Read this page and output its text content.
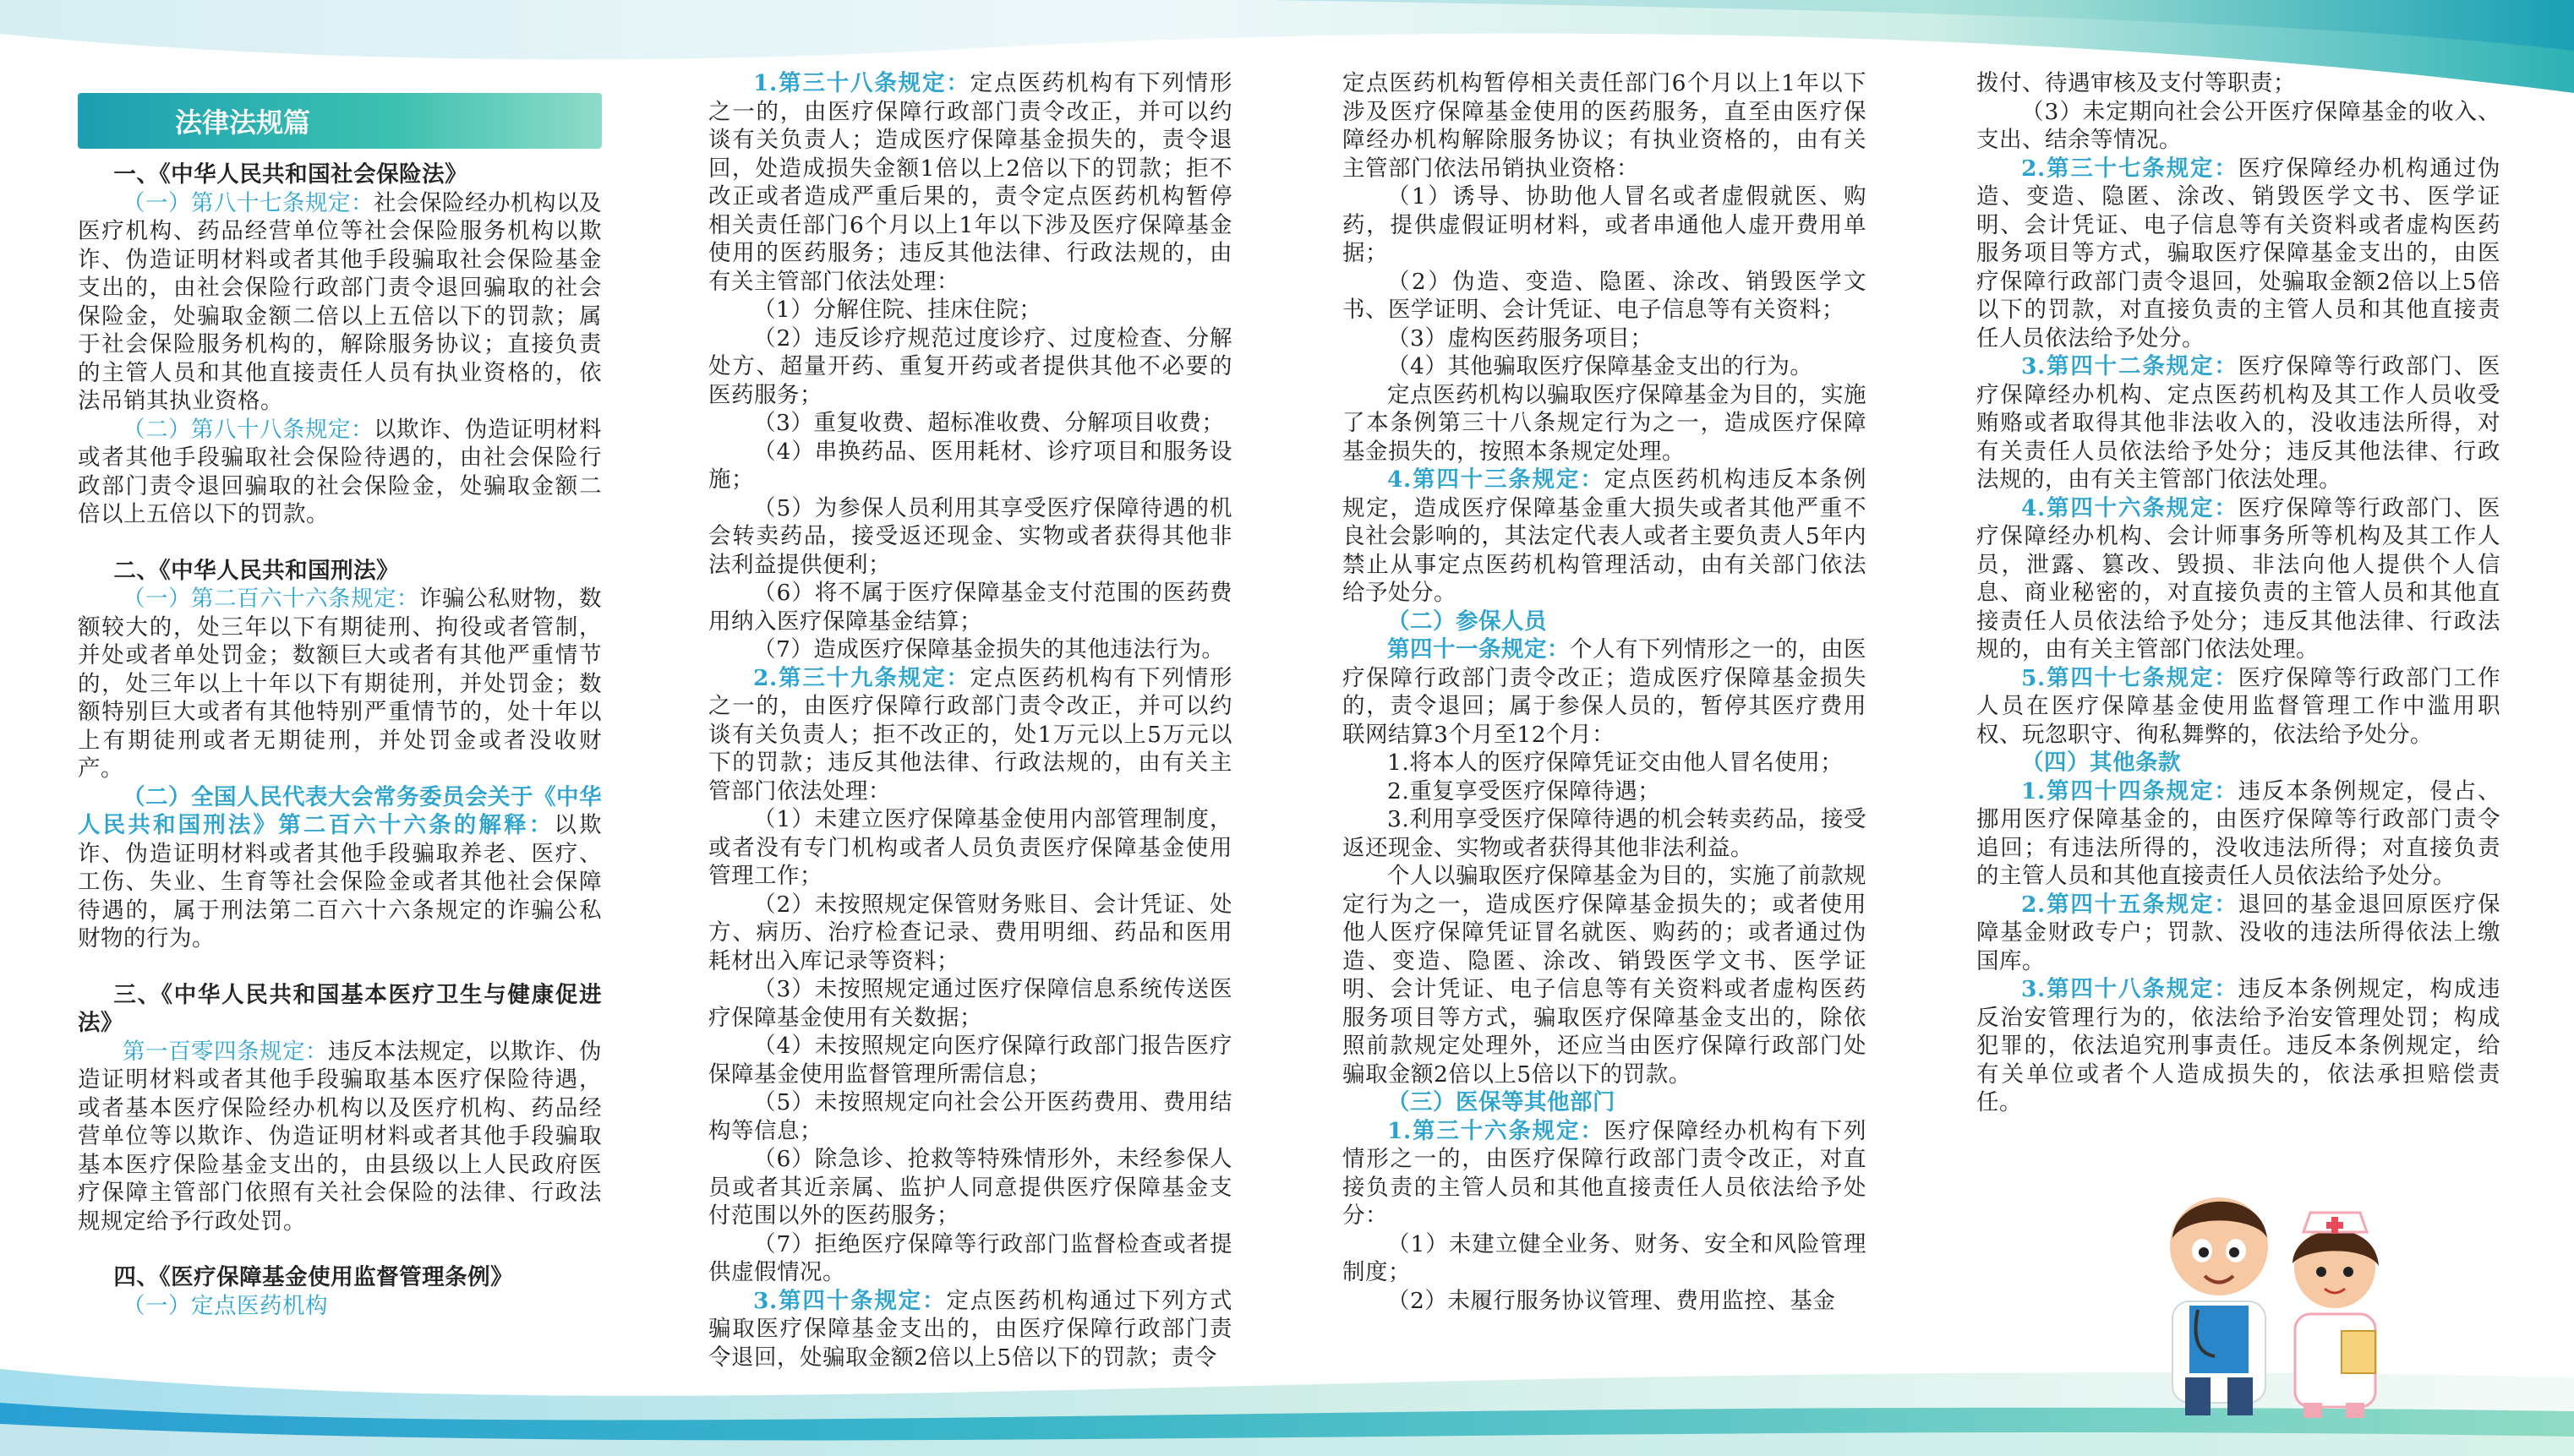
法律法规篇

一、《中华人民共和国社会保险法》

（一）第八十七条规定：社会保险经办机构以及医疗机构、药品经营单位等社会保险服务机构以欺诈、伪造证明材料或者其他手段骗取社会保险基金支出的，由社会保险行政部门责令退回骗取的社会保险金，处骗取金额二倍以上五倍以下的罚款；属于社会保险服务机构的，解除服务协议；直接负责的主管人员和其他直接责任人员有执业资格的，依法吊销其执业资格。

（二）第八十八条规定：以欺诈、伪造证明材料或者其他手段骗取社会保险待遇的，由社会保险行政部门责令退回骗取的社会保险金，处骗取金额二倍以上五倍以下的罚款。

二、《中华人民共和国刑法》

（一）第二百六十六条规定：诈骗公私财物，数额较大的，处三年以下有期徒刑、拘役或者管制，并处或者单处罚金；数额巨大或者有其他严重情节的，处三年以上十年以下有期徒刑，并处罚金；数额特别巨大或者有其他特别严重情节的，处十年以上有期徒刑或者无期徒刑，并处罚金或者没收财产。

（二）全国人民代表大会常务委员会关于《中华人民共和国刑法》第二百六十六条的解释：以欺诈、伪造证明材料或者其他手段骗取养老、医疗、工伤、失业、生育等社会保险金或者其他社会保障待遇的，属于刑法第二百六十六条规定的诈骗公私财物的行为。

三、《中华人民共和国基本医疗卫生与健康促进法》

第一百零四条规定：违反本法规定，以欺诈、伪造证明材料或者其他手段骗取基本医疗保险待遇，或者基本医疗保险经办机构以及医疗机构、药品经营单位等以欺诈、伪造证明材料或者其他手段骗取基本医疗保险基金支出的，由县级以上人民政府医疗保障主管部门依照有关社会保险的法律、行政法规规定给予行政处罚。

四、《医疗保障基金使用监督管理条例》

（一）定点医药机构

1.第三十八条规定：定点医药机构有下列情形之一的，由医疗保障行政部门责令改正，并可以约谈有关负责人；造成医疗保障基金损失的，责令退回，处造成损失金额1倍以上2倍以下的罚款；拒不改正或者造成严重后果的，责令定点医药机构暂停相关责任部门6个月以上1年以下涉及医疗保障基金使用的医药服务；违反其他法律、行政法规的，由有关主管部门依法处理：

（1）分解住院、挂床住院；

（2）违反诊疗规范过度诊疗、过度检查、分解处方、超量开药、重复开药或者提供其他不必要的医药服务；

（3）重复收费、超标准收费、分解项目收费；

（4）串换药品、医用耗材、诊疗项目和服务设施；

（5）为参保人员利用其享受医疗保障待遇的机会转卖药品，接受返还现金、实物或者获得其他非法利益提供便利；

（6）将不属于医疗保障基金支付范围的医药费用纳入医疗保障基金结算；

（7）造成医疗保障基金损失的其他违法行为。

2.第三十九条规定：定点医药机构有下列情形之一的，由医疗保障行政部门责令改正，并可以约谈有关负责人；拒不改正的，处1万元以上5万元以下的罚款；违反其他法律、行政法规的，由有关主管部门依法处理：

（1）未建立医疗保障基金使用内部管理制度，或者没有专门机构或者人员负责医疗保障基金使用管理工作；

（2）未按照规定保管财务账目、会计凭证、处方、病历、治疗检查记录、费用明细、药品和医用耗材出入库记录等资料；

（3）未按照规定通过医疗保障信息系统传送医疗保障基金使用有关数据；

（4）未按照规定向医疗保障行政部门报告医疗保障基金使用监督管理所需信息；

（5）未按照规定向社会公开医药费用、费用结构等信息；

（6）除急诊、抢救等特殊情形外，未经参保人员或者其近亲属、监护人同意提供医疗保障基金支付范围以外的医药服务；

（7）拒绝医疗保障等行政部门监督检查或者提供虚假情况。

3.第四十条规定：定点医药机构通过下列方式骗取医疗保障基金支出的，由医疗保障行政部门责令退回，处骗取金额2倍以上5倍以下的罚款；责令

定点医药机构暂停相关责任部门6个月以上1年以下涉及医疗保障基金使用的医药服务，直至由医疗保障经办机构解除服务协议；有执业资格的，由有关主管部门依法吊销执业资格：

（1）诱导、协助他人冒名或者虚假就医、购药，提供虚假证明材料，或者串通他人虚开费用单据；

（2）伪造、变造、隐匿、涂改、销毁医学文书、医学证明、会计凭证、电子信息等有关资料；

（3）虚构医药服务项目；

（4）其他骗取医疗保障基金支出的行为。

定点医药机构以骗取医疗保障基金为目的，实施了本条例第三十八条规定行为之一，造成医疗保障基金损失的，按照本条规定处理。

4.第四十三条规定：定点医药机构违反本条例规定，造成医疗保障基金重大损失或者其他严重不良社会影响的，其法定代表人或者主要负责人5年内禁止从事定点医药机构管理活动，由有关部门依法给予处分。

（二）参保人员

第四十一条规定：个人有下列情形之一的，由医疗保障行政部门责令改正；造成医疗保障基金损失的，责令退回；属于参保人员的，暂停其医疗费用联网结算3个月至12个月：

1.将本人的医疗保障凭证交由他人冒名使用；

2.重复享受医疗保障待遇；

3.利用享受医疗保障待遇的机会转卖药品，接受返还现金、实物或者获得其他非法利益。

个人以骗取医疗保障基金为目的，实施了前款规定行为之一，造成医疗保障基金损失的；或者使用他人医疗保障凭证冒名就医、购药的；或者通过伪造、变造、隐匿、涂改、销毁医学文书、医学证明、会计凭证、电子信息等有关资料或者虚构医药服务项目等方式，骗取医疗保障基金支出的，除依照前款规定处理外，还应当由医疗保障行政部门处骗取金额2倍以上5倍以下的罚款。

（三）医保等其他部门

1.第三十六条规定：医疗保障经办机构有下列情形之一的，由医疗保障行政部门责令改正，对直接负责的主管人员和其他直接责任人员依法给予处分：

（1）未建立健全业务、财务、安全和风险管理制度；

（2）未履行服务协议管理、费用监控、基金

拨付、待遇审核及支付等职责；

（3）未定期向社会公开医疗保障基金的收入、支出、结余等情况。

2.第三十七条规定：医疗保障经办机构通过伪造、变造、隐匿、涂改、销毁医学文书、医学证明、会计凭证、电子信息等有关资料或者虚构医药服务项目等方式，骗取医疗保障基金支出的，由医疗保障行政部门责令退回，处骗取金额2倍以上5倍以下的罚款，对直接负责的主管人员和其他直接责任人员依法给予处分。

3.第四十二条规定：医疗保障等行政部门、医疗保障经办机构、定点医药机构及其工作人员收受贿赂或者取得其他非法收入的，没收违法所得，对有关责任人员依法给予处分；违反其他法律、行政法规的，由有关主管部门依法处理。

4.第四十六条规定：医疗保障等行政部门、医疗保障经办机构、会计师事务所等机构及其工作人员，泄露、篡改、毁损、非法向他人提供个人信息、商业秘密的，对直接负责的主管人员和其他直接责任人员依法给予处分；违反其他法律、行政法规的，由有关主管部门依法处理。

5.第四十七条规定：医疗保障等行政部门工作人员在医疗保障基金使用监督管理工作中滥用职权、玩忽职守、徇私舞弊的，依法给予处分。

（四）其他条款

1.第四十四条规定：违反本条例规定，侵占、挪用医疗保障基金的，由医疗保障等行政部门责令追回；有违法所得的，没收违法所得；对直接负责的主管人员和其他直接责任人员依法给予处分。

2.第四十五条规定：退回的基金退回原医疗保障基金财政专户；罚款、没收的违法所得依法上缴国库。

3.第四十八条规定：违反本条例规定，构成违反治安管理行为的，依法给予治安管理处罚；构成犯罪的，依法追究刑事责任。违反本条例规定，给有关单位或者个人造成损失的，依法承担赔偿责任。
